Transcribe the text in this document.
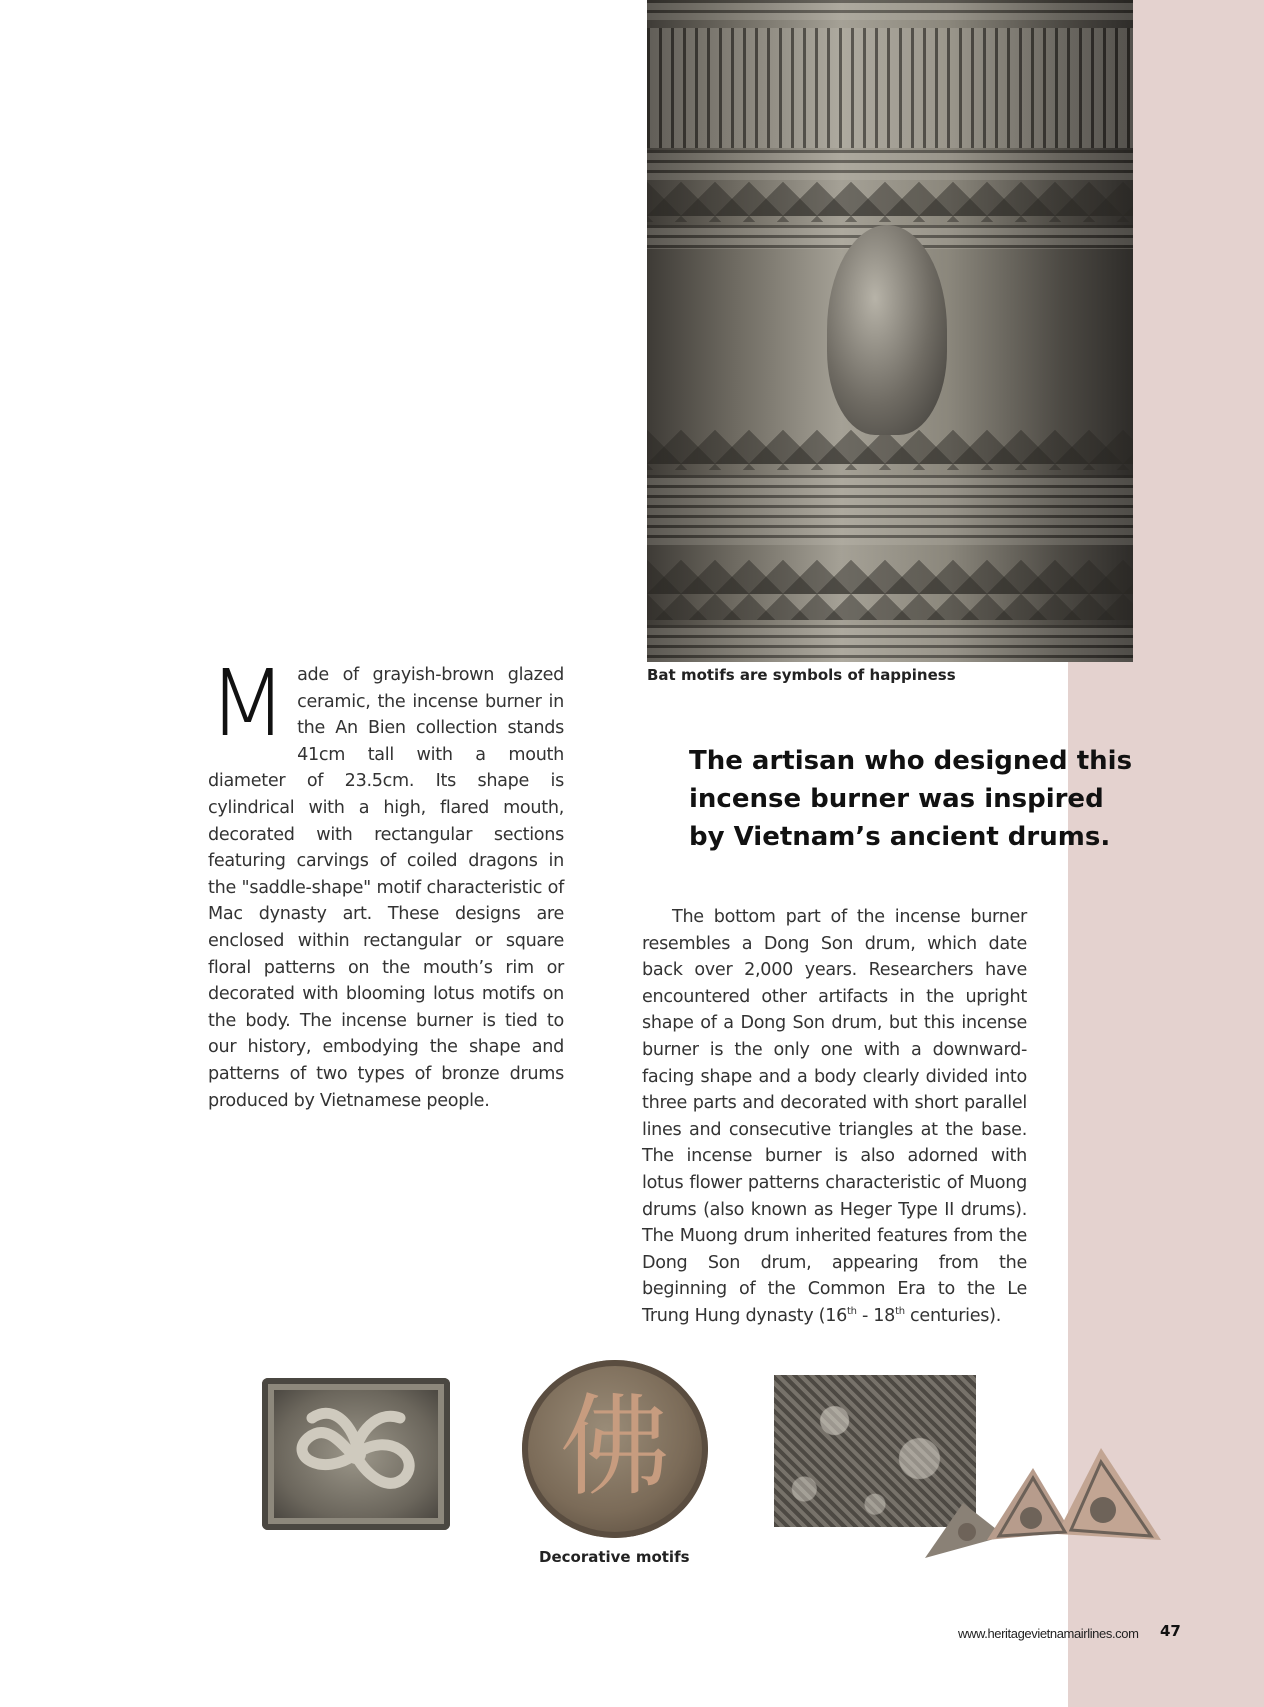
Bat motifs are symbols of happiness

Made of grayish-brown glazed ceramic, the incense burner in the An Bien collection stands 41cm tall with a mouth diameter of 23.5cm. Its shape is cylindrical with a high, flared mouth, decorated with rectangular sections featuring carvings of coiled dragons in the "saddle-shape" motif characteristic of Mac dynasty art. These designs are enclosed within rectangular or square floral patterns on the mouth’s rim or decorated with blooming lotus motifs on the body. The incense burner is tied to our history, embodying the shape and patterns of two types of bronze drums produced by Vietnamese people.

The artisan who designed this incense burner was inspired by Vietnam’s ancient drums.

The bottom part of the incense burner resembles a Dong Son drum, which date back over 2,000 years. Researchers have encountered other artifacts in the upright shape of a Dong Son drum, but this incense burner is the only one with a downward-facing shape and a body clearly divided into three parts and decorated with short parallel lines and consecutive triangles at the base. The incense burner is also adorned with lotus flower patterns characteristic of Muong drums (also known as Heger Type II drums). The Muong drum inherited features from the Dong Son drum, appearing from the beginning of the Common Era to the Le Trung Hung dynasty (16th - 18th centuries).

佛
Decorative motifs
www.heritagevietnamairlines.com 47
